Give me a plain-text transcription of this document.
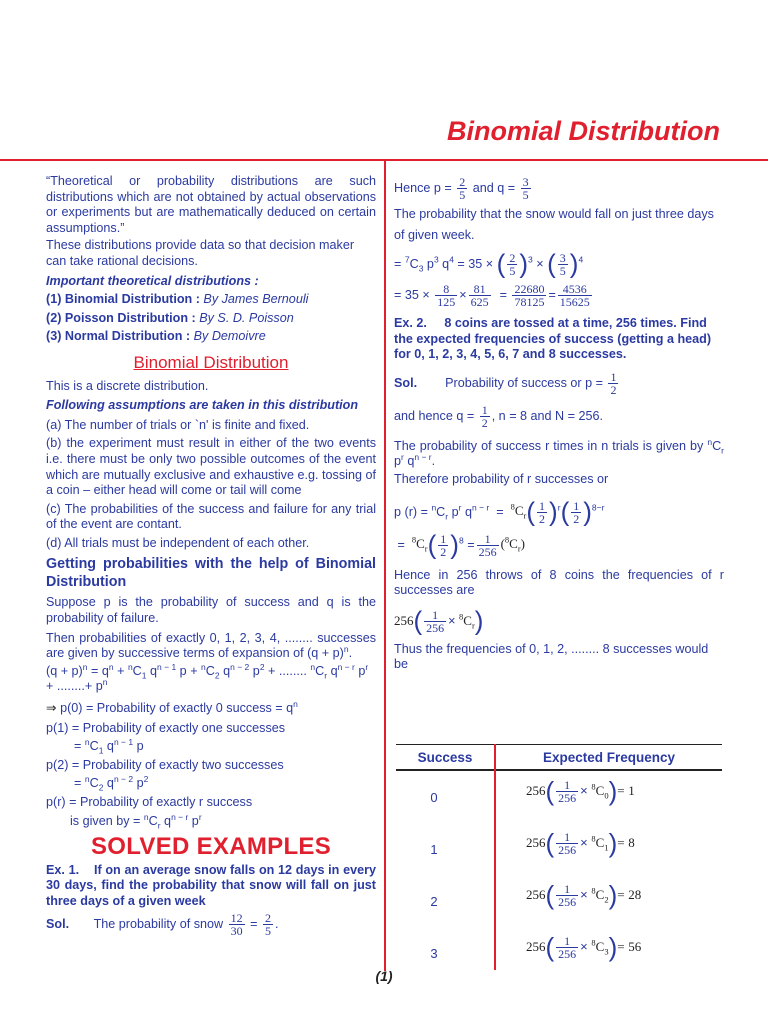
Binomial Distribution

“Theoretical or probability distributions are such distributions which are not obtained by actual observations or experiments but are mathematically deduced on certain assumptions.”

These distributions provide data so that decision maker can take rational decisions.

Important theoretical distributions :

(1) Binomial Distribution : By James Bernouli

(2) Poisson Distribution : By S. D. Poisson

(3) Normal Distribution : By Demoivre

Binomial Distribution

This is a discrete distribution.

Following assumptions are taken in this distribution

(a) The number of trials or `n' is finite and fixed.

(b) the experiment must result in either of the two events i.e. there must be only two possible outcomes of the event which are mutually exclusive and exhaustive e.g. tossing of a coin – either head will come or tail will come

(c) The probabilities of the success and failure for any trial of the event are contant.

(d) All trials must be independent of each other.

Getting probabilities with the help of Binomial Distribution

Suppose p is the probability of success and q is the probability of failure.

Then probabilities of exactly 0, 1, 2, 3, 4, ........ successes are given by successive terms of expansion of $(q + p)^n$.

$(q + p)^n = q^n + ^nC_1$ $q^{n - 1}$ $p + ^nC_2$ $q^{n - 2}$ $p^2$ + ........ $^nC_r$ $q^{n - r}$ $p^r$ + ........+ $p^n$

⇒ p(0) = Probability of exactly 0 success = $q^n$

p(1) = Probability of exactly one successes

= $^nC_1$ $q^{n - 1}$ p

p(2) = Probability of exactly two successes

= $^nC_2$ $q^{n - 2}$ $p^2$

p(r) = Probability of exactly r success

is given by = $^nC_r$ $q^{n - r}$ $p^r$

SOLVED EXAMPLES

Ex. 1. If on an average snow falls on 12 days in every 30 days, find the probability that snow will fall on just three days of a given week

Sol. The probability of snow $\frac{12}{30} = \frac{2}{5}$ .

Hence $p = \frac{2}{5}$ and $q = \frac{3}{5}$

The probability that the snow would fall on just three days of given week.

= $^7C_3$ $p^3$ $q^4 = 35$ × ( $\frac{2}{5} )^3$ × ( $\frac{3}{5} )^4$

= $35 \times \frac{8}{125} \times \frac{81}{625} = \frac{22680}{78125} = \frac{4536}{15625}$

Ex. 2. 8 coins are tossed at a time, 256 times. Find the expected frequencies of success (getting a head) for 0, 1, 2, 3, 4, 5, 6, 7 and 8 successes.

Sol. Probability of success or $p = \frac{1}{2}$

and hence $q = \frac{1}{2}$ , n = 8 and N = 256.

The probability of success r times in n trials is given by $^nC_r$ $p^r$ $q^{n - r}$.

Therefore probability of r successes or

p $(r) = ^nC_r$ $p^r$ $q^{n - r} = ^8C_r( \frac{1}{2} )^r( \frac{1}{2} )^{8-r}$

=  $^8C_r( \frac{1}{2} )^8 = \frac{1}{256} (^8C_r)$

Hence in 256 throws of 8 coins the frequencies of r successes are

$256( \frac{1}{256} \times ^8C_r)$

Thus the frequencies of 0, 1, 2, ........ 8 successes would be

Success	Expected Frequency
0	$256( \frac{1}{256} \times ^8C_0)= 1$
1	$256( \frac{1}{256} \times ^8C_1)= 8$
2	$256( \frac{1}{256} \times ^8C_2)= 28$
3	$256( \frac{1}{256} \times ^8C_3)= 56$
(1)
